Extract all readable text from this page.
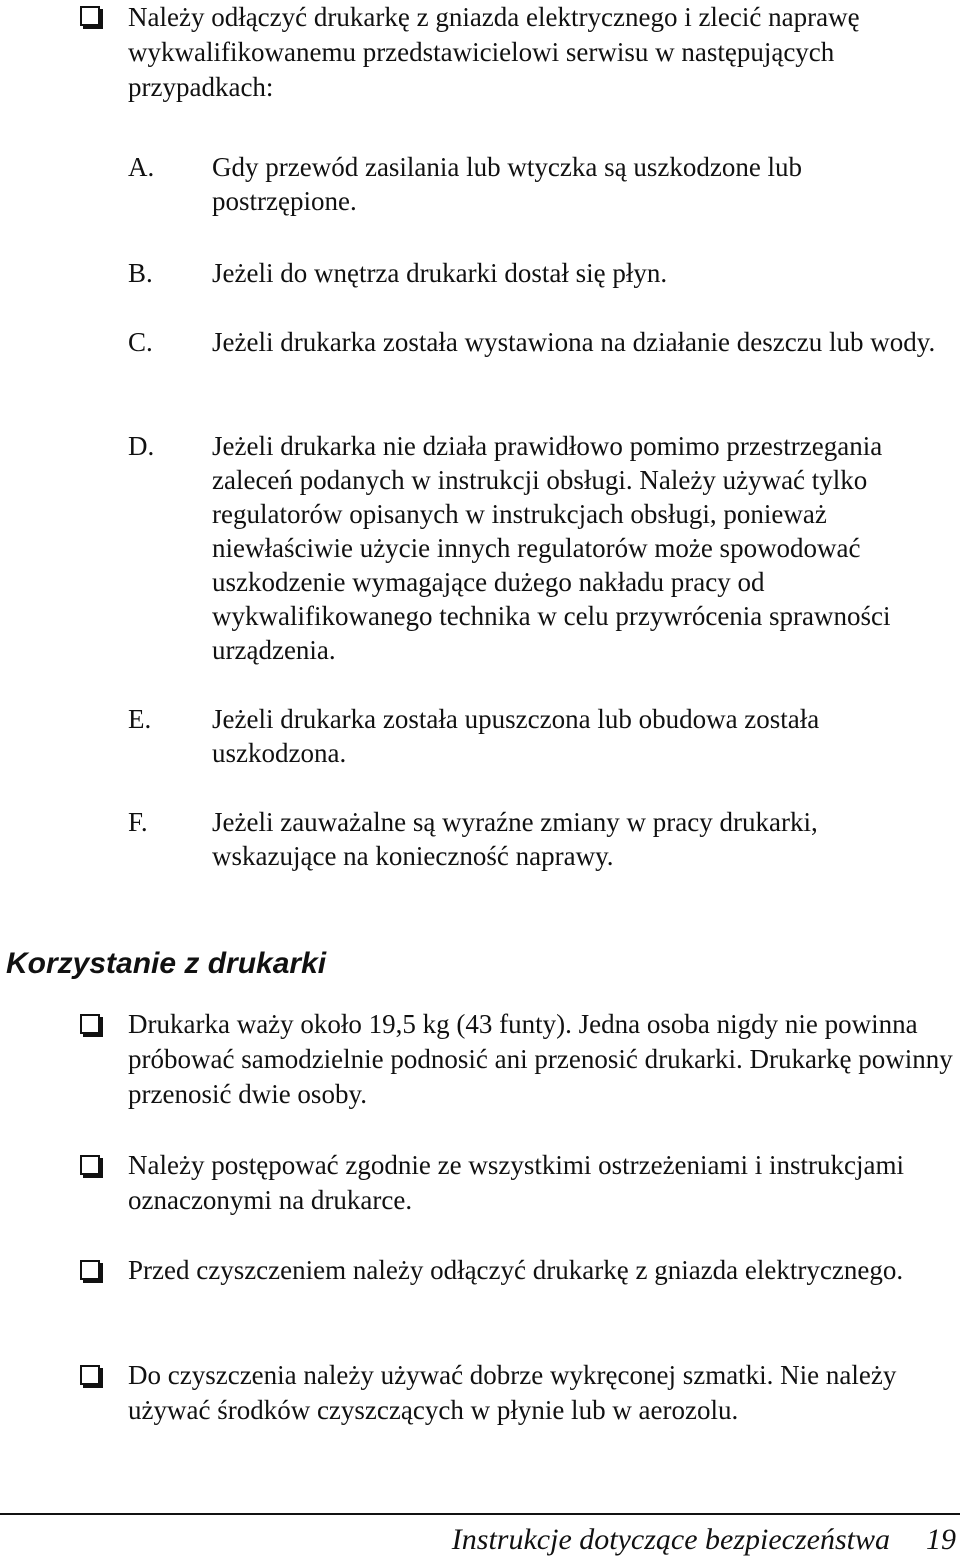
Należy odłączyć drukarkę z gniazda elektrycznego i zlecić naprawę wykwalifikowanemu przedstawicielowi serwisu w następujących przypadkach:

A.	Gdy przewód zasilania lub wtyczka są uszkodzone lub postrzępione.

B.	Jeżeli do wnętrza drukarki dostał się płyn.

C.	Jeżeli drukarka została wystawiona na działanie deszczu lub wody.

D.	Jeżeli drukarka nie działa prawidłowo pomimo przestrzegania zaleceń podanych w instrukcji obsługi. Należy używać tylko regulatorów opisanych w instrukcjach obsługi, ponieważ niewłaściwie użycie innych regulatorów może spowodować uszkodzenie wymagające dużego nakładu pracy od wykwalifikowanego technika w celu przywrócenia sprawności urządzenia.

E.	Jeżeli drukarka została upuszczona lub obudowa została uszkodzona.

F.	Jeżeli zauważalne są wyraźne zmiany w pracy drukarki, wskazujące na konieczność naprawy.

Korzystanie z drukarki

Drukarka waży około 19,5 kg (43 funty). Jedna osoba nigdy nie powinna próbować samodzielnie podnosić ani przenosić drukarki. Drukarkę powinny przenosić dwie osoby.

Należy postępować zgodnie ze wszystkimi ostrzeżeniami i instrukcjami oznaczonymi na drukarce.

Przed czyszczeniem należy odłączyć drukarkę z gniazda elektrycznego.

Do czyszczenia należy używać dobrze wykręconej szmatki. Nie należy używać środków czyszczących w płynie lub w aerozolu.

Instrukcje dotyczące bezpieczeństwa 19
